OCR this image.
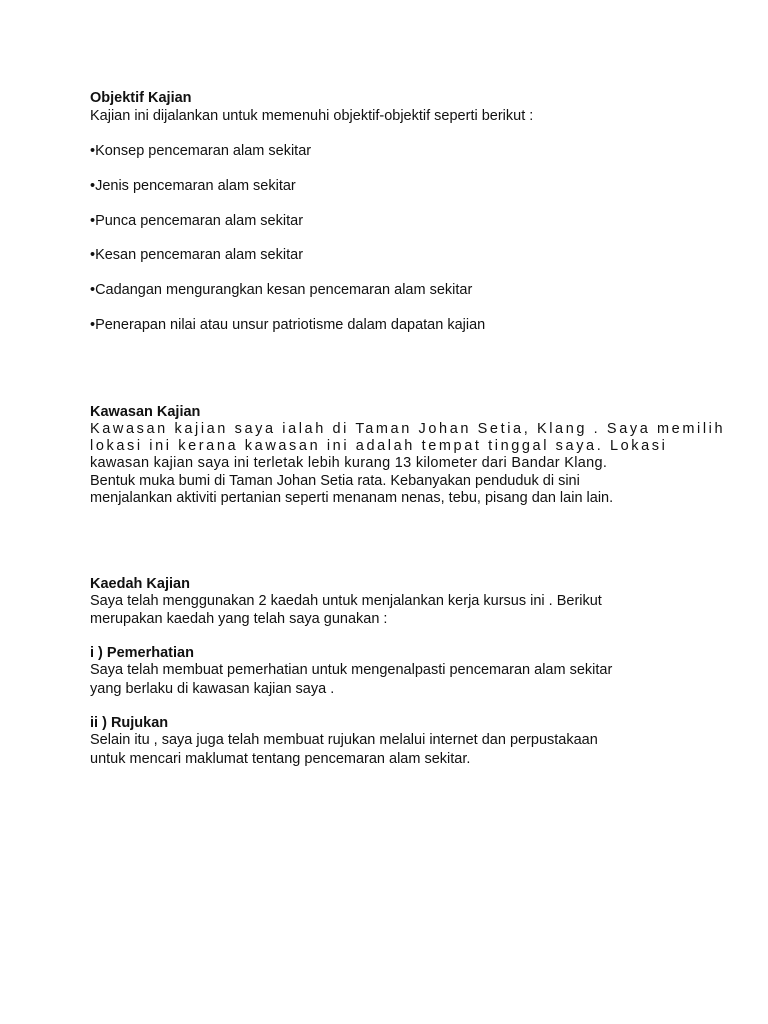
Objektif Kajian

Kajian ini dijalankan untuk memenuhi objektif-objektif seperti berikut :

•Konsep pencemaran alam sekitar

•Jenis pencemaran alam sekitar

•Punca pencemaran alam sekitar

•Kesan pencemaran alam sekitar

•Cadangan mengurangkan kesan pencemaran alam sekitar

•Penerapan nilai atau unsur patriotisme dalam dapatan kajian

Kawasan Kajian

Kawasan kajian saya ialah di Taman Johan Setia, Klang . Saya memilih

lokasi ini kerana kawasan ini adalah tempat tinggal saya. Lokasi

kawasan kajian saya ini terletak lebih kurang 13 kilometer dari Bandar Klang.

Bentuk muka bumi di Taman Johan Setia rata. Kebanyakan penduduk di sini

menjalankan aktiviti pertanian seperti menanam nenas, tebu, pisang dan lain lain.

Kaedah Kajian

Saya telah menggunakan 2 kaedah untuk menjalankan kerja kursus ini . Berikut

merupakan kaedah yang telah saya gunakan :

i ) Pemerhatian

Saya telah membuat pemerhatian untuk mengenalpasti pencemaran alam sekitar

yang berlaku di kawasan kajian saya .

ii ) Rujukan

Selain itu , saya juga telah membuat rujukan melalui internet dan perpustakaan

untuk mencari maklumat tentang pencemaran alam sekitar.
